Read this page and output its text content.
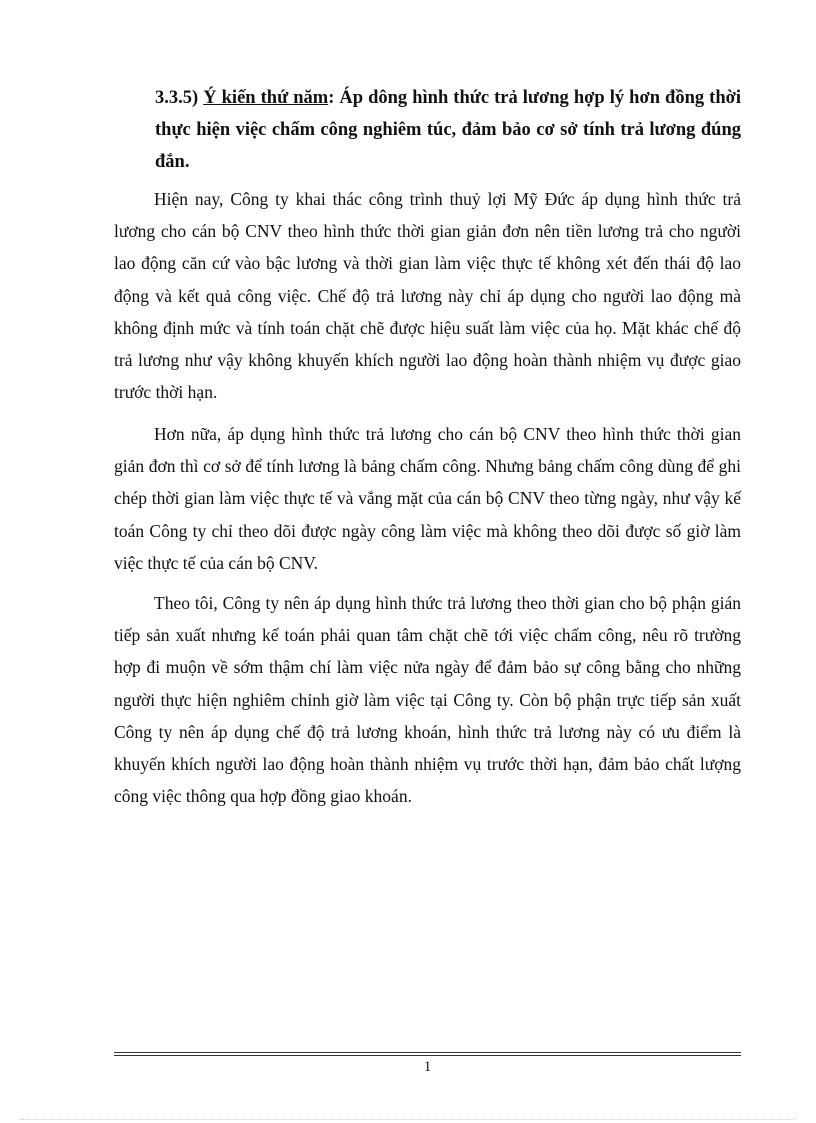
3.3.5) Ý kiến thứ năm: Áp dông hình thức trả lương hợp lý hơn đồng thời thực hiện việc chấm công nghiêm túc, đảm bảo cơ sở tính trả lương đúng đắn.

Hiện nay, Công ty khai thác công trình thuỷ lợi Mỹ Đức áp dụng hình thức trả lương cho cán bộ CNV theo hình thức thời gian giản đơn nên tiền lương trả cho người lao động căn cứ vào bậc lương và thời gian làm việc thực tế không xét đến thái độ lao động và kết quả công việc. Chế độ trả lương này chỉ áp dụng cho người lao động mà không định mức và tính toán chặt chẽ được hiệu suất làm việc của họ. Mặt khác chế độ trả lương như vậy không khuyến khích người lao động hoàn thành nhiệm vụ được giao trước thời hạn.

Hơn nữa, áp dụng hình thức trả lương cho cán bộ CNV theo hình thức thời gian giản đơn thì cơ sở để tính lương là bảng chấm công. Nhưng bảng chấm công dùng để ghi chép thời gian làm việc thực tế và vắng mặt của cán bộ CNV theo từng ngày, như vậy kế toán Công ty chỉ theo dõi được ngày công làm việc mà không theo dõi được số giờ làm việc thực tế của cán bộ CNV.

Theo tôi, Công ty nên áp dụng hình thức trả lương theo thời gian cho bộ phận gián tiếp sản xuất nhưng kế toán phải quan tâm chặt chẽ tới việc chấm công, nêu rõ trường hợp đi muộn về sớm thậm chí làm việc nửa ngày để đảm bảo sự công bằng cho những người thực hiện nghiêm chỉnh giờ làm việc tại Công ty. Còn bộ phận trực tiếp sản xuất Công ty nên áp dụng chế độ trả lương khoán, hình thức trả lương này có ưu điểm là khuyến khích người lao động hoàn thành nhiệm vụ trước thời hạn, đảm bảo chất lượng công việc thông qua hợp đồng giao khoán.

1
